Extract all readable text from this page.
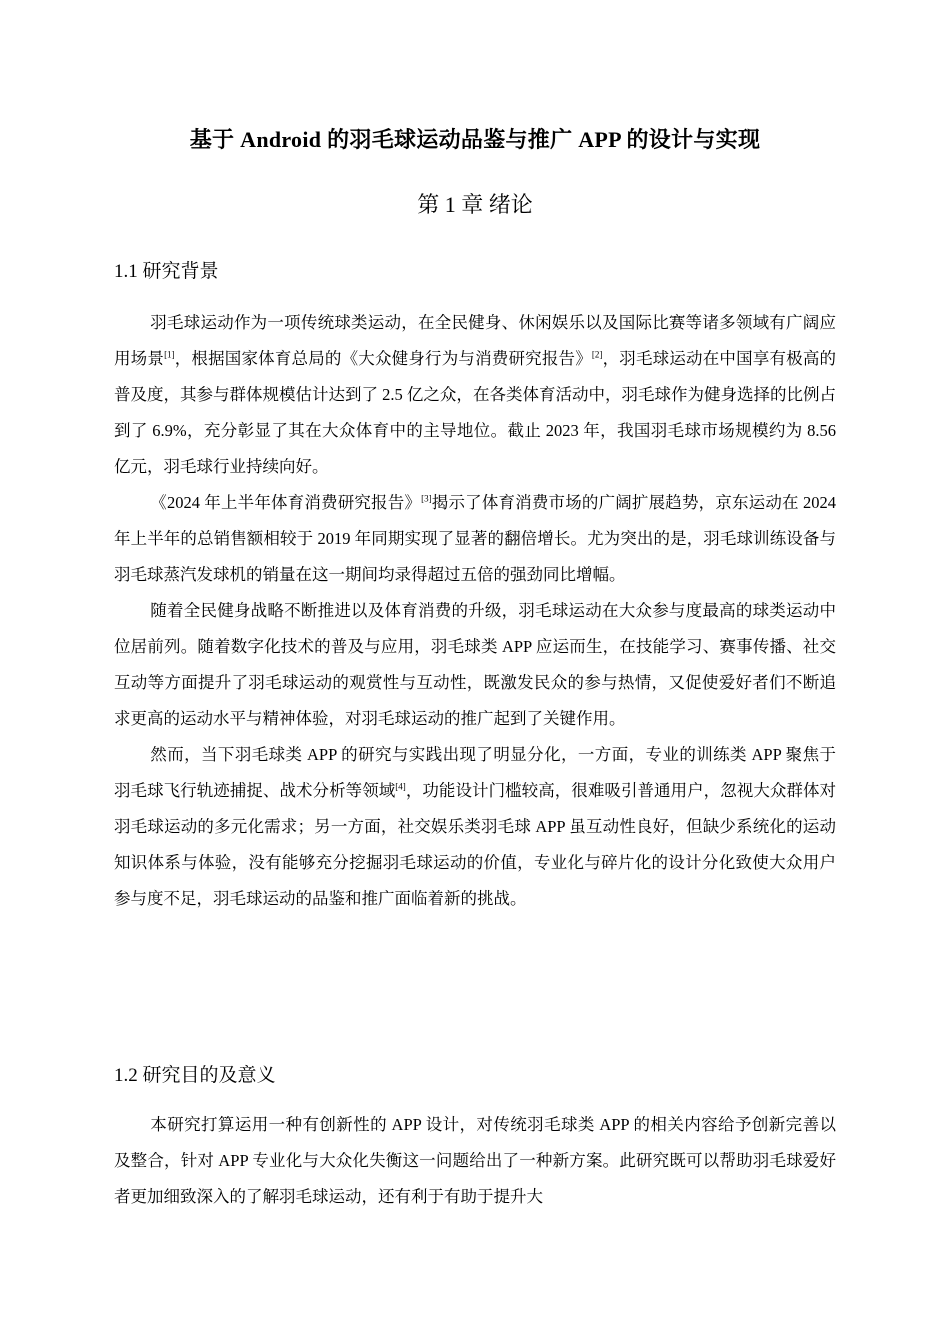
基于 Android 的羽毛球运动品鉴与推广 APP 的设计与实现
第 1 章 绪论
1.1 研究背景

羽毛球运动作为一项传统球类运动，在全民健身、休闲娱乐以及国际比赛等诸多领域有广阔应用场景[1]，根据国家体育总局的《大众健身行为与消费研究报告》[2]，羽毛球运动在中国享有极高的普及度，其参与群体规模估计达到了 2.5 亿之众，在各类体育活动中，羽毛球作为健身选择的比例占到了 6.9%，充分彰显了其在大众体育中的主导地位。截止 2023 年，我国羽毛球市场规模约为 8.56 亿元，羽毛球行业持续向好。

《2024 年上半年体育消费研究报告》[3]揭示了体育消费市场的广阔扩展趋势，京东运动在 2024 年上半年的总销售额相较于 2019 年同期实现了显著的翻倍增长。尤为突出的是，羽毛球训练设备与羽毛球蒸汽发球机的销量在这一期间均录得超过五倍的强劲同比增幅。

随着全民健身战略不断推进以及体育消费的升级，羽毛球运动在大众参与度最高的球类运动中位居前列。随着数字化技术的普及与应用，羽毛球类 APP 应运而生，在技能学习、赛事传播、社交互动等方面提升了羽毛球运动的观赏性与互动性，既激发民众的参与热情，又促使爱好者们不断追求更高的运动水平与精神体验，对羽毛球运动的推广起到了关键作用。

然而，当下羽毛球类 APP 的研究与实践出现了明显分化，一方面，专业的训练类 APP 聚焦于羽毛球飞行轨迹捕捉、战术分析等领域[4]，功能设计门槛较高，很难吸引普通用户，忽视大众群体对羽毛球运动的多元化需求；另一方面，社交娱乐类羽毛球 APP 虽互动性良好，但缺少系统化的运动知识体系与体验，没有能够充分挖掘羽毛球运动的价值，专业化与碎片化的设计分化致使大众用户参与度不足，羽毛球运动的品鉴和推广面临着新的挑战。

1.2 研究目的及意义

本研究打算运用一种有创新性的 APP 设计，对传统羽毛球类 APP 的相关内容给予创新完善以及整合，针对 APP 专业化与大众化失衡这一问题给出了一种新方案。此研究既可以帮助羽毛球爱好者更加细致深入的了解羽毛球运动，还有利于有助于提升大
